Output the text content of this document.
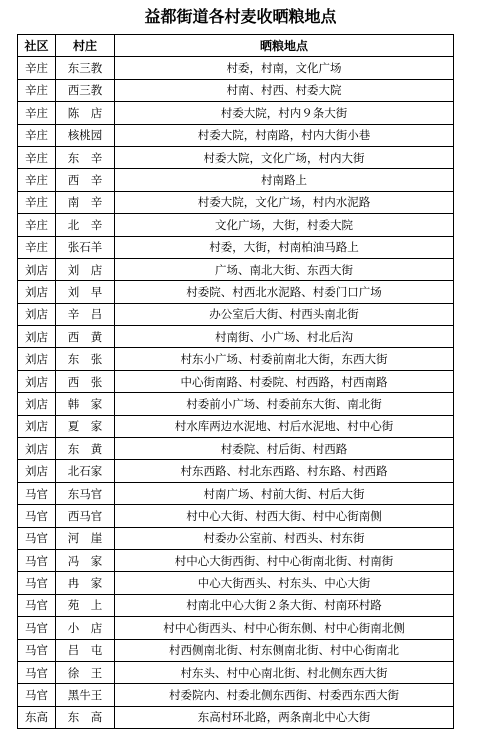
益都街道各村麦收晒粮地点
社区	村庄	晒粮地点
辛庄	东三教	村委，村南，文化广场
辛庄	西三教	村南、村西、村委大院
辛庄	陈　店	村委大院，村内９条大街
辛庄	核桃园	村委大院，村南路，村内大街小巷
辛庄	东　辛	村委大院，文化广场，村内大街
辛庄	西　辛	村南路上
辛庄	南　辛	村委大院，文化广场，村内水泥路
辛庄	北　辛	文化广场，大街，村委大院
辛庄	张石羊	村委，大街，村南柏油马路上
刘店	刘　店	广场、南北大街、东西大街
刘店	刘　早	村委院、村西北水泥路、村委门口广场
刘店	辛　吕	办公室后大街、村西头南北街
刘店	西　黄	村南街、小广场、村北后沟
刘店	东　张	村东小广场、村委前南北大街，东西大街
刘店	西　张	中心街南路、村委院、村西路，村西南路
刘店	韩　家	村委前小广场、村委前东大街、南北街
刘店	夏　家	村水库两边水泥地、村后水泥地、村中心街
刘店	东　黄	村委院、村后街、村西路
刘店	北石家	村东西路、村北东西路、村东路、村西路
马官	东马官	村南广场、村前大街、村后大街
马官	西马官	村中心大街、村西大街、村中心街南侧
马官	河　崖	村委办公室前、村西头、村东街
马官	冯　家	村中心大街西街、村中心街南北街、村南街
马官	冉　家	中心大街西头、村东头、中心大街
马官	苑　上	村南北中心大街２条大街、村南环村路
马官	小　店	村中心街西头、村中心街东侧、村中心街南北侧
马官	吕　屯	村西侧南北街、村东侧南北街、村中心街南北
马官	徐　王	村东头、村中心南北街、村北侧东西大街
马官	黑牛王	村委院内、村委北侧东西街、村委西东西大街
东高	东　高	东高村环北路，两条南北中心大街
